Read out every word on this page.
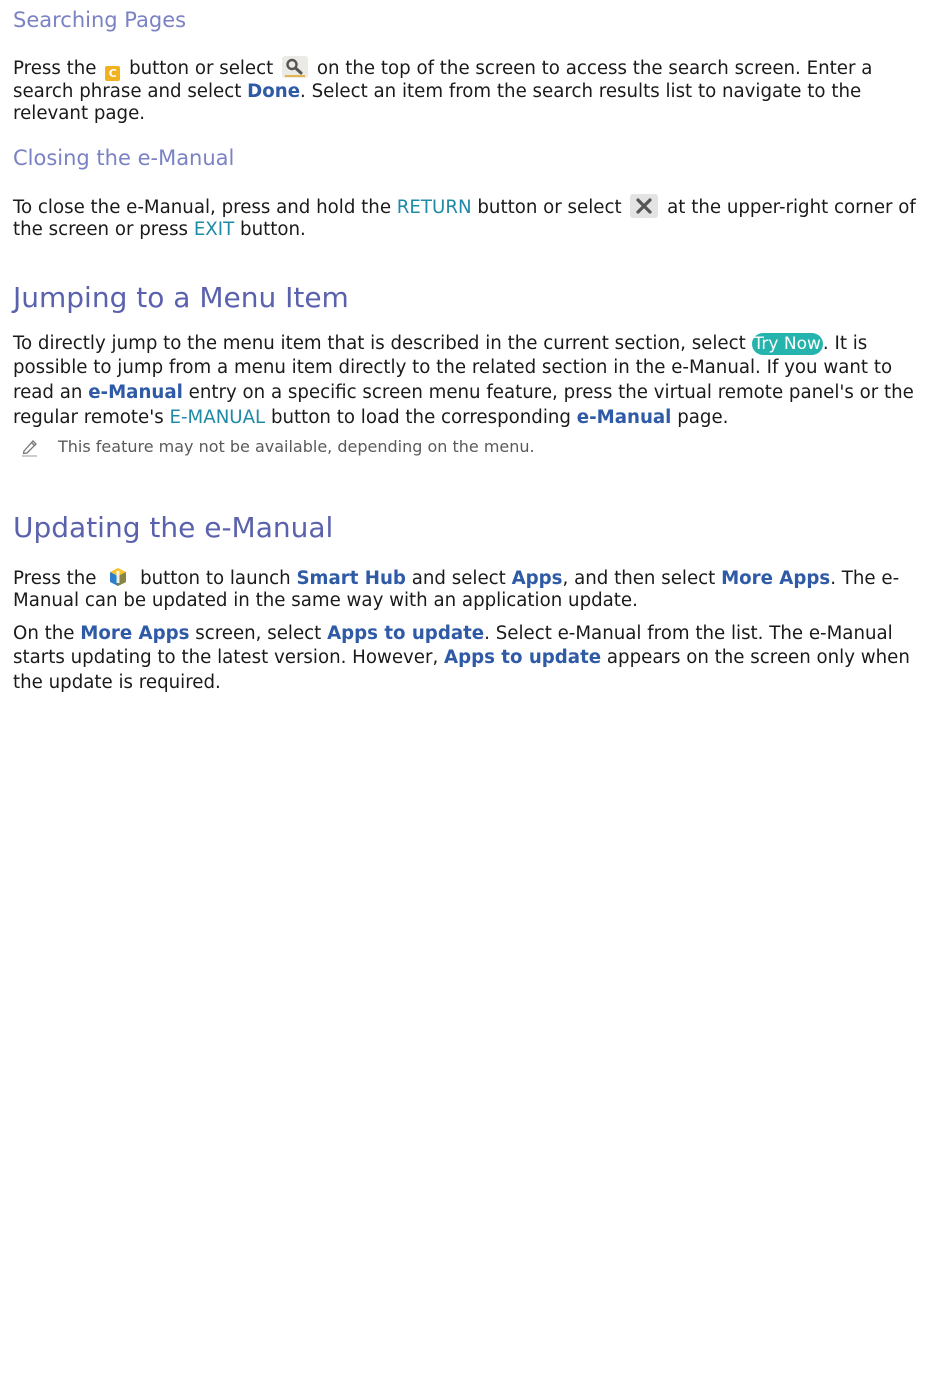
Searching Pages

Press the C button or select  on the top of the screen to access the search screen. Enter a search phrase and select Done. Select an item from the search results list to navigate to the relevant page.

Closing the e-Manual

To close the e-Manual, press and hold the RETURN button or select  at the upper-right corner of the screen or press EXIT button.

Jumping to a Menu Item

To directly jump to the menu item that is described in the current section, select Try Now . It is possible to jump from a menu item directly to the related section in the e-Manual. If you want to read an e-Manual entry on a specific screen menu feature, press the virtual remote panel's or the regular remote's E-MANUAL button to load the corresponding e-Manual page.

This feature may not be available, depending on the menu.
Updating the e-Manual

Press the  button to launch Smart Hub and select Apps, and then select More Apps. The e-Manual can be updated in the same way with an application update.

On the More Apps screen, select Apps to update. Select e-Manual from the list. The e-Manual starts updating to the latest version. However, Apps to update appears on the screen only when the update is required.
